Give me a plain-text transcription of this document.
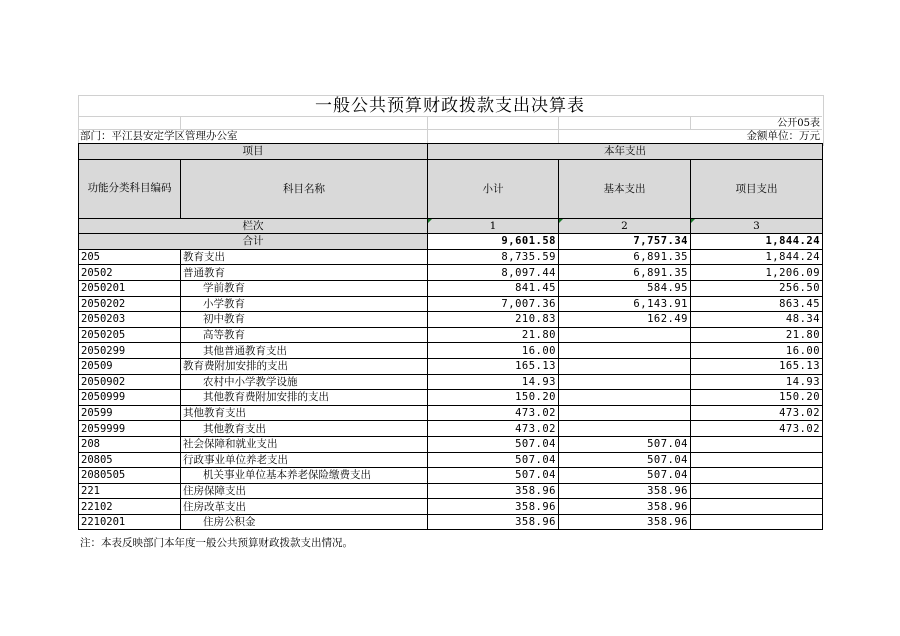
一般公共预算财政拨款支出决算表
公开05表
部门：平江县安定学区管理办公室	金额单位：万元
项目		本年支出		
功能分类科目编码	科目名称	小计	基本支出	项目支出
栏次		1	2	3
合计		9,601.58	7,757.34	1,844.24
205	教育支出	8,735.59	6,891.35	1,844.24
20502	普通教育	8,097.44	6,891.35	1,206.09
2050201	学前教育	841.45	584.95	256.50
2050202	小学教育	7,007.36	6,143.91	863.45
2050203	初中教育	210.83	162.49	48.34
2050205	高等教育	21.80		21.80
2050299	其他普通教育支出	16.00		16.00
20509	教育费附加安排的支出	165.13		165.13
2050902	农村中小学教学设施	14.93		14.93
2050999	其他教育费附加安排的支出	150.20		150.20
20599	其他教育支出	473.02		473.02
2059999	其他教育支出	473.02		473.02
208	社会保障和就业支出	507.04	507.04	
20805	行政事业单位养老支出	507.04	507.04	
2080505	机关事业单位基本养老保险缴费支出	507.04	507.04	
221	住房保障支出	358.96	358.96	
22102	住房改革支出	358.96	358.96	
2210201	住房公积金	358.96	358.96	
注：本表反映部门本年度一般公共预算财政拨款支出情况。
